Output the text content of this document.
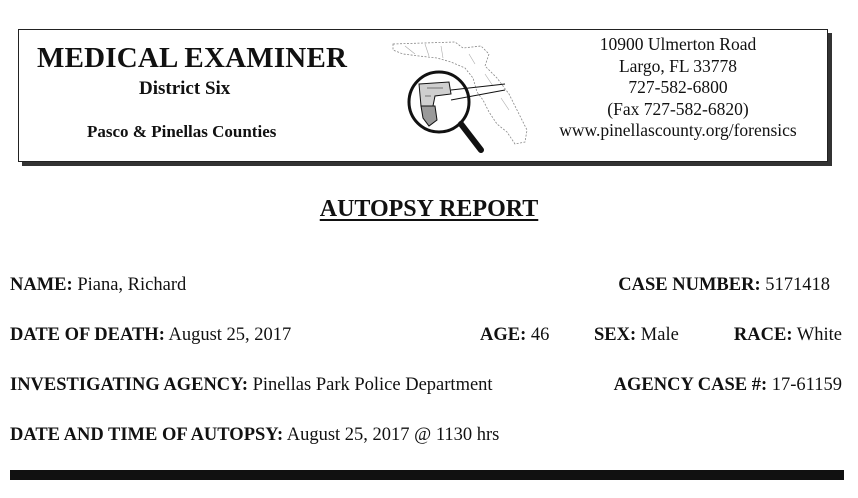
MEDICAL EXAMINER
District Six
Pasco & Pinellas Counties
10900 Ulmerton Road
Largo, FL 33778
727-582-6800
(Fax 727-582-6820)
www.pinellascounty.org/forensics
AUTOPSY REPORT
NAME: Piana, Richard	CASE NUMBER: 5171418
DATE OF DEATH: August 25, 2017	AGE: 46 SEX: Male	RACE: White
INVESTIGATING AGENCY: Pinellas Park Police Department	AGENCY CASE #: 17-61159
DATE AND TIME OF AUTOPSY: August 25, 2017 @ 1130 hrs
